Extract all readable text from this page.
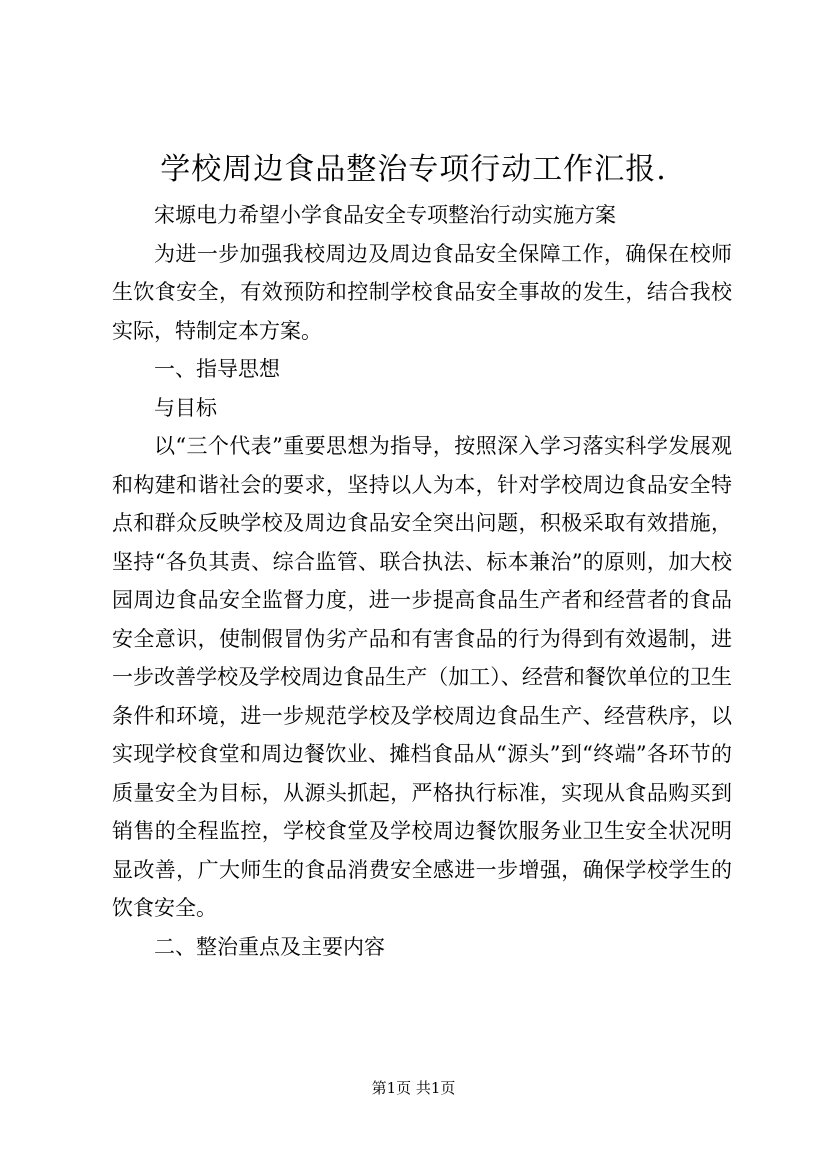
学校周边食品整治专项行动工作汇报.

宋塬电力希望小学食品安全专项整治行动实施方案

为进一步加强我校周边及周边食品安全保障工作，确保在校师生饮食安全，有效预防和控制学校食品安全事故的发生，结合我校实际，特制定本方案。

一、指导思想

与目标

以“三个代表”重要思想为指导，按照深入学习落实科学发展观和构建和谐社会的要求，坚持以人为本，针对学校周边食品安全特点和群众反映学校及周边食品安全突出问题，积极采取有效措施，坚持“各负其责、综合监管、联合执法、标本兼治”的原则，加大校园周边食品安全监督力度，进一步提高食品生产者和经营者的食品安全意识，使制假冒伪劣产品和有害食品的行为得到有效遏制，进一步改善学校及学校周边食品生产（加工）、经营和餐饮单位的卫生条件和环境，进一步规范学校及学校周边食品生产、经营秩序，以实现学校食堂和周边餐饮业、摊档食品从“源头”到“终端”各环节的质量安全为目标，从源头抓起，严格执行标准，实现从食品购买到销售的全程监控，学校食堂及学校周边餐饮服务业卫生安全状况明显改善，广大师生的食品消费安全感进一步增强，确保学校学生的饮食安全。

二、整治重点及主要内容

第1页 共1页
